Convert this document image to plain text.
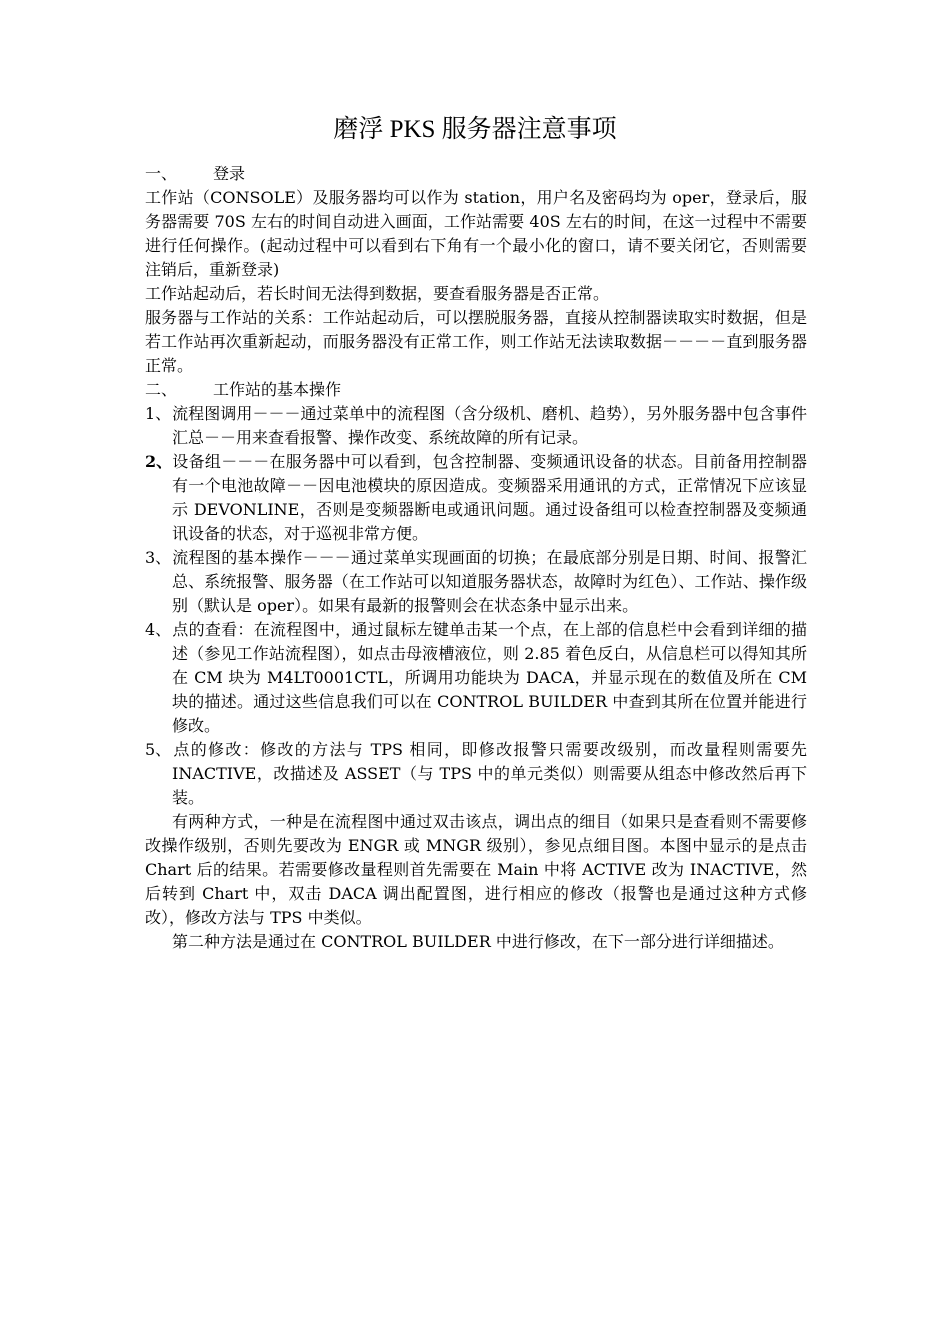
磨浮 PKS 服务器注意事项
一、 登录
工作站（CONSOLE）及服务器均可以作为 station，用户名及密码均为 oper，登录后，服务器需要 70S 左右的时间自动进入画面，工作站需要 40S 左右的时间，在这一过程中不需要进行任何操作。(起动过程中可以看到右下角有一个最小化的窗口，请不要关闭它，否则需要注销后，重新登录)
工作站起动后，若长时间无法得到数据，要查看服务器是否正常。
服务器与工作站的关系：工作站起动后，可以摆脱服务器，直接从控制器读取实时数据，但是若工作站再次重新起动，而服务器没有正常工作，则工作站无法读取数据－－－－直到服务器正常。
二、 工作站的基本操作
1、流程图调用－－－通过菜单中的流程图（含分级机、磨机、趋势），另外服务器中包含事件汇总－－用来查看报警、操作改变、系统故障的所有记录。
2、设备组－－－在服务器中可以看到，包含控制器、变频通讯设备的状态。目前备用控制器有一个电池故障－－因电池模块的原因造成。变频器采用通讯的方式，正常情况下应该显示 DEVONLINE，否则是变频器断电或通讯问题。通过设备组可以检查控制器及变频通讯设备的状态，对于巡视非常方便。
3、流程图的基本操作－－－通过菜单实现画面的切换；在最底部分别是日期、时间、报警汇总、系统报警、服务器（在工作站可以知道服务器状态，故障时为红色）、工作站、操作级别（默认是 oper）。如果有最新的报警则会在状态条中显示出来。
4、点的查看：在流程图中，通过鼠标左键单击某一个点，在上部的信息栏中会看到详细的描述（参见工作站流程图），如点击母液槽液位，则 2.85 着色反白，从信息栏可以得知其所在 CM 块为 M4LT0001CTL，所调用功能块为 DACA，并显示现在的数值及所在 CM 块的描述。通过这些信息我们可以在 CONTROL BUILDER 中查到其所在位置并能进行修改。
5、点的修改：修改的方法与 TPS 相同，即修改报警只需要改级别，而改量程则需要先 INACTIVE，改描述及 ASSET（与 TPS 中的单元类似）则需要从组态中修改然后再下装。
有两种方式，一种是在流程图中通过双击该点，调出点的细目（如果只是查看则不需要修改操作级别，否则先要改为 ENGR 或 MNGR 级别），参见点细目图。本图中显示的是点击 Chart 后的结果。若需要修改量程则首先需要在 Main 中将 ACTIVE 改为 INACTIVE，然后转到 Chart 中，双击 DACA 调出配置图，进行相应的修改（报警也是通过这种方式修改），修改方法与 TPS 中类似。
第二种方法是通过在 CONTROL BUILDER 中进行修改，在下一部分进行详细描述。
